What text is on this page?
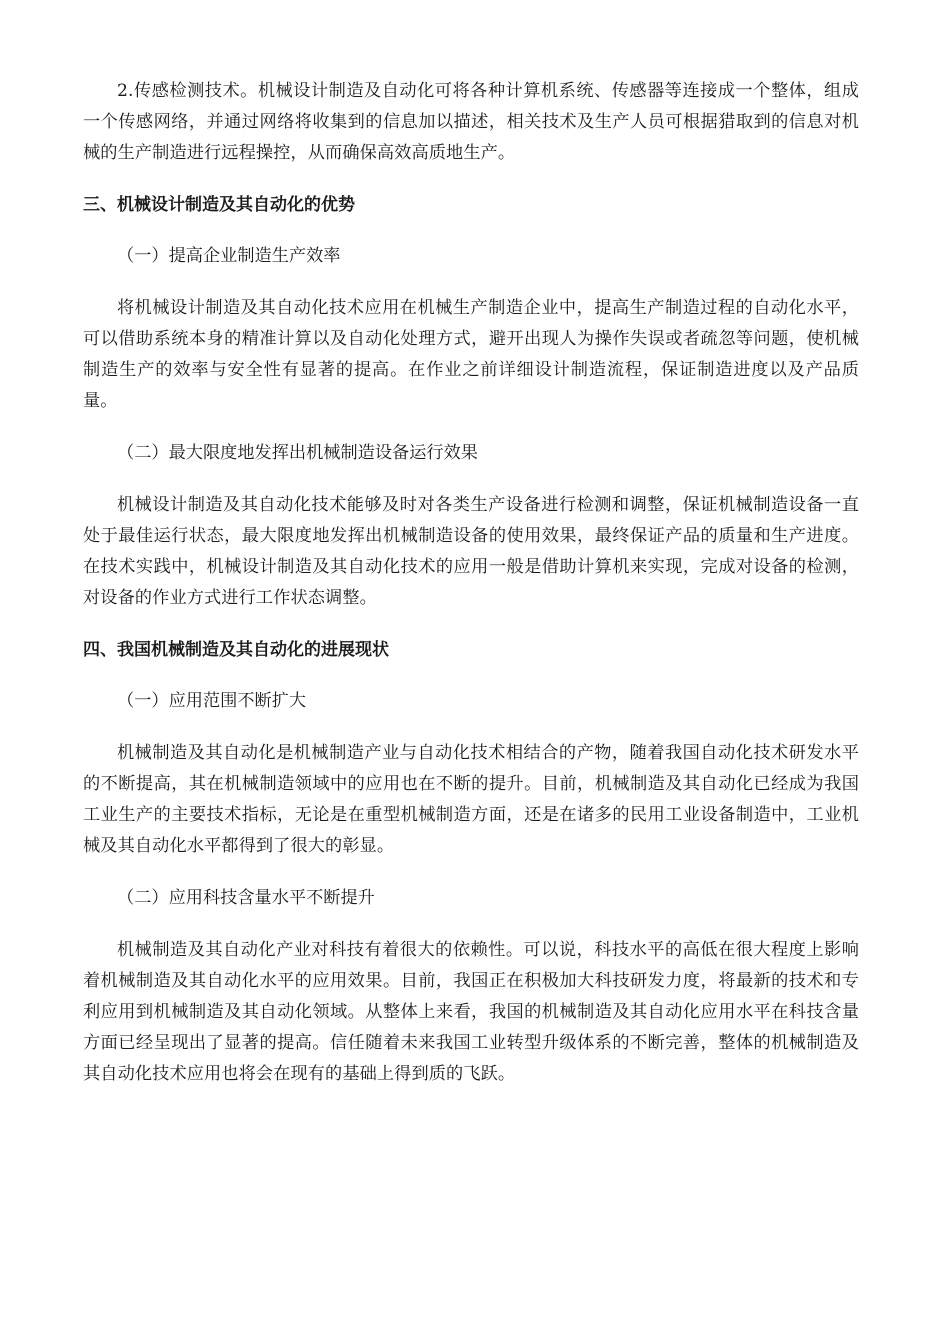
2.传感检测技术。机械设计制造及自动化可将各种计算机系统、传感器等连接成一个整体，组成一个传感网络，并通过网络将收集到的信息加以描述，相关技术及生产人员可根据猎取到的信息对机械的生产制造进行远程操控，从而确保高效高质地生产。

三、机械设计制造及其自动化的优势

（一）提高企业制造生产效率

将机械设计制造及其自动化技术应用在机械生产制造企业中，提高生产制造过程的自动化水平，可以借助系统本身的精准计算以及自动化处理方式，避开出现人为操作失误或者疏忽等问题，使机械制造生产的效率与安全性有显著的提高。在作业之前详细设计制造流程，保证制造进度以及产品质量。

（二）最大限度地发挥出机械制造设备运行效果

机械设计制造及其自动化技术能够及时对各类生产设备进行检测和调整，保证机械制造设备一直处于最佳运行状态，最大限度地发挥出机械制造设备的使用效果，最终保证产品的质量和生产进度。在技术实践中，机械设计制造及其自动化技术的应用一般是借助计算机来实现，完成对设备的检测，对设备的作业方式进行工作状态调整。

四、我国机械制造及其自动化的进展现状

（一）应用范围不断扩大

机械制造及其自动化是机械制造产业与自动化技术相结合的产物，随着我国自动化技术研发水平的不断提高，其在机械制造领域中的应用也在不断的提升。目前，机械制造及其自动化已经成为我国工业生产的主要技术指标，无论是在重型机械制造方面，还是在诸多的民用工业设备制造中，工业机械及其自动化水平都得到了很大的彰显。

（二）应用科技含量水平不断提升

机械制造及其自动化产业对科技有着很大的依赖性。可以说，科技水平的高低在很大程度上影响着机械制造及其自动化水平的应用效果。目前，我国正在积极加大科技研发力度，将最新的技术和专利应用到机械制造及其自动化领域。从整体上来看，我国的机械制造及其自动化应用水平在科技含量方面已经呈现出了显著的提高。信任随着未来我国工业转型升级体系的不断完善，整体的机械制造及其自动化技术应用也将会在现有的基础上得到质的飞跃。
